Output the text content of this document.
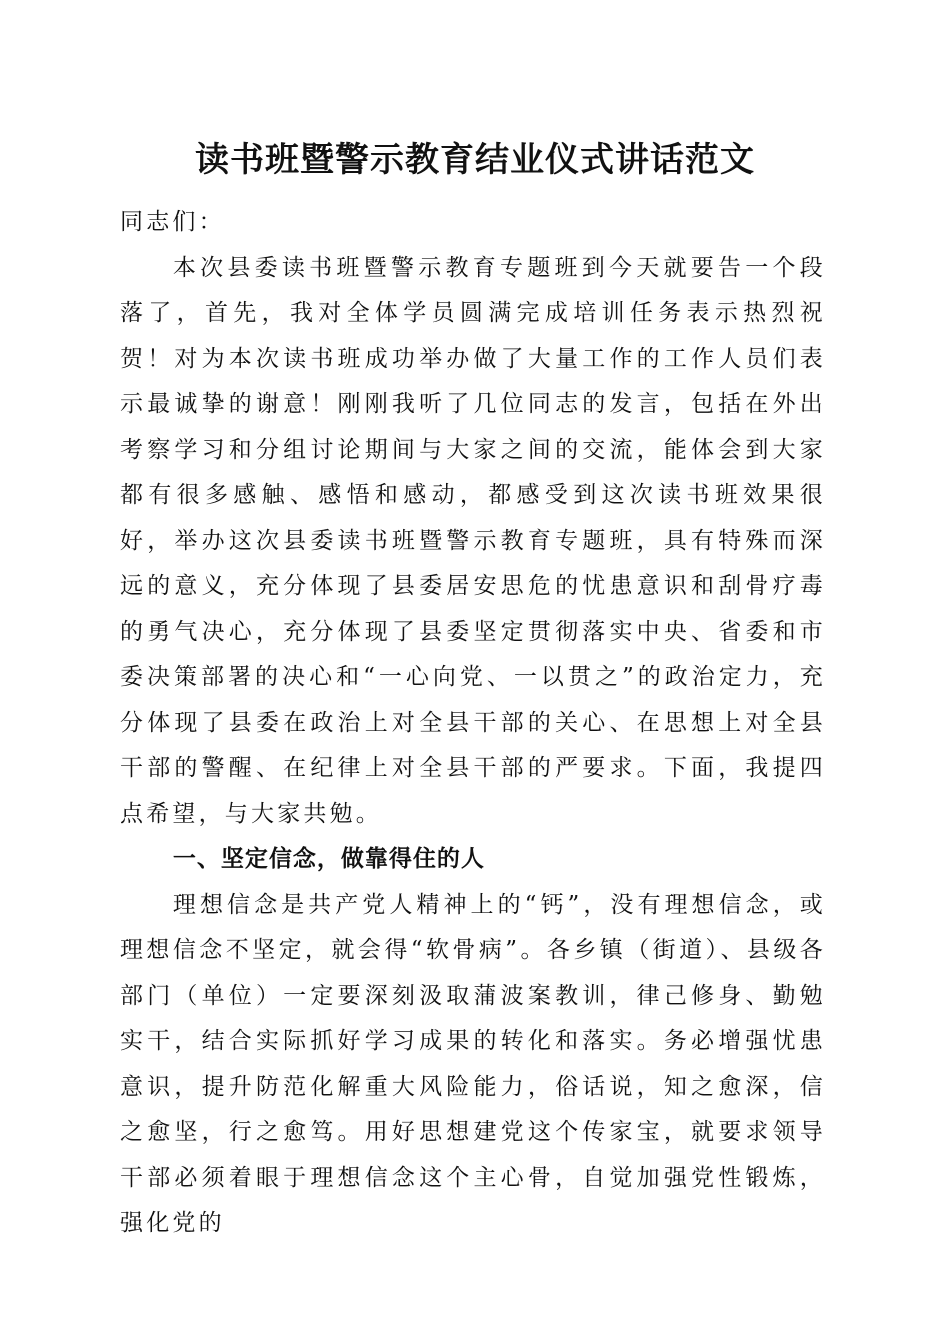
读书班暨警示教育结业仪式讲话范文

同志们：

本次县委读书班暨警示教育专题班到今天就要告一个段落了，首先，我对全体学员圆满完成培训任务表示热烈祝贺！对为本次读书班成功举办做了大量工作的工作人员们表示最诚挚的谢意！刚刚我听了几位同志的发言，包括在外出考察学习和分组讨论期间与大家之间的交流，能体会到大家都有很多感触、感悟和感动，都感受到这次读书班效果很好，举办这次县委读书班暨警示教育专题班，具有特殊而深远的意义，充分体现了县委居安思危的忧患意识和刮骨疗毒的勇气决心，充分体现了县委坚定贯彻落实中央、省委和市委决策部署的决心和“一心向党、一以贯之”的政治定力，充分体现了县委在政治上对全县干部的关心、在思想上对全县干部的警醒、在纪律上对全县干部的严要求。下面，我提四点希望，与大家共勉。

一、坚定信念，做靠得住的人

理想信念是共产党人精神上的“钙”，没有理想信念，或理想信念不坚定，就会得“软骨病”。各乡镇（街道）、县级各部门（单位）一定要深刻汲取蒲波案教训，律己修身、勤勉实干，结合实际抓好学习成果的转化和落实。务必增强忧患意识，提升防范化解重大风险能力，俗话说，知之愈深，信之愈坚，行之愈笃。用好思想建党这个传家宝，就要求领导干部必须着眼于理想信念这个主心骨，自觉加强党性锻炼，强化党的
